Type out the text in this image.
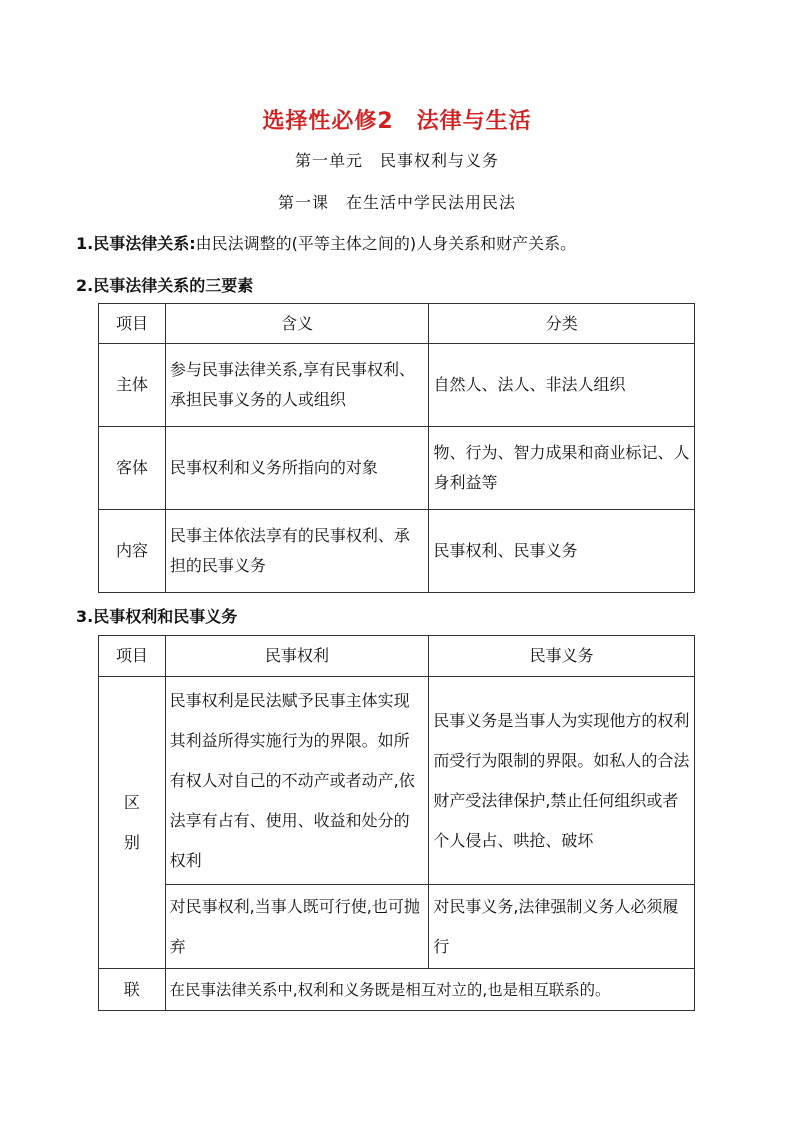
选择性必修2　法律与生活
第一单元　民事权利与义务
第一课　在生活中学民法用民法
1.民事法律关系:由民法调整的(平等主体之间的)人身关系和财产关系。
2.民事法律关系的三要素
项目	含义	分类
主体	参与民事法律关系,享有民事权利、承担民事义务的人或组织	自然人、法人、非法人组织
客体	民事权利和义务所指向的对象	物、行为、智力成果和商业标记、人身利益等
内容	民事主体依法享有的民事权利、承担的民事义务	民事权利、民事义务
3.民事权利和民事义务
项目	民事权利	民事义务
区别	民事权利是民法赋予民事主体实现其利益所得实施行为的界限。如所有权人对自己的不动产或者动产,依法享有占有、使用、收益和处分的权利	民事义务是当事人为实现他方的权利而受行为限制的界限。如私人的合法财产受法律保护,禁止任何组织或者个人侵占、哄抢、破坏
	对民事权利,当事人既可行使,也可抛弃	对民事义务,法律强制义务人必须履行
联	在民事法律关系中,权利和义务既是相互对立的,也是相互联系的。	
